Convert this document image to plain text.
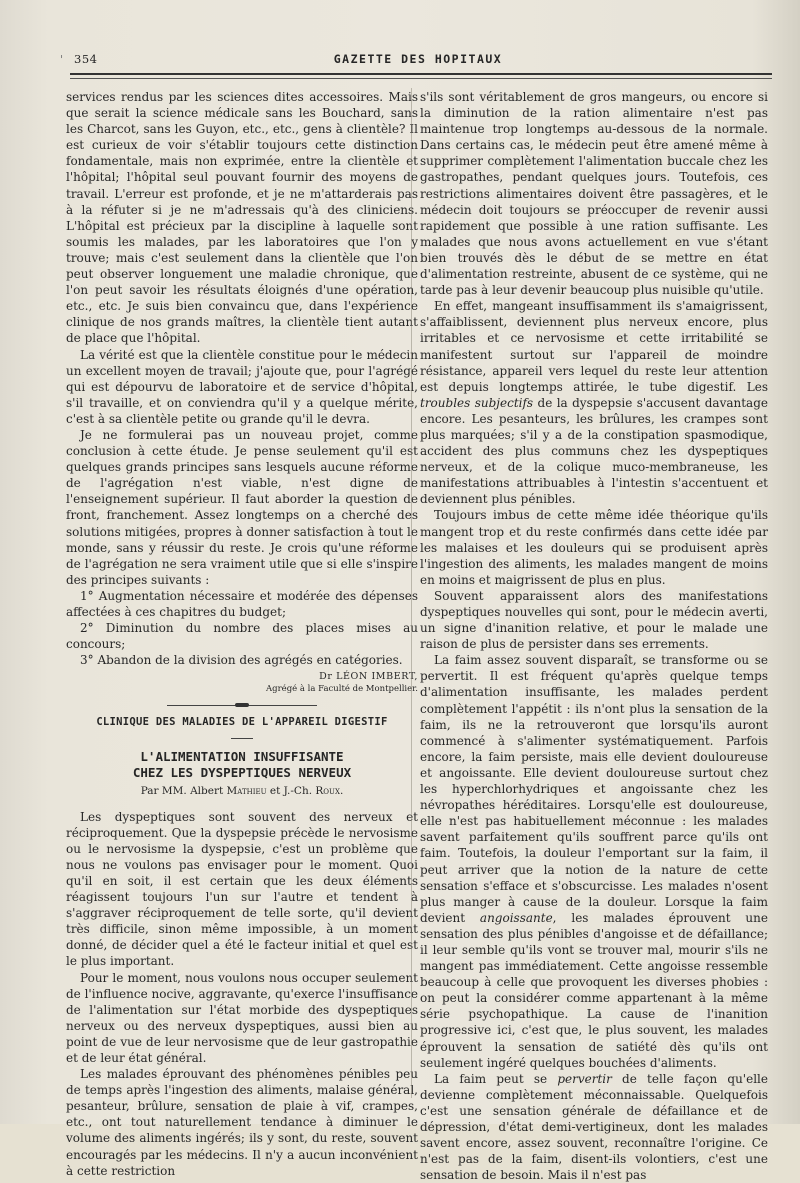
' 354	GAZETTE DES HOPITAUX

services rendus par les sciences dites accessoires. Mais que serait la science médicale sans les Bouchard, sans les Charcot, sans les Guyon, etc., etc., gens à clientèle? Il est curieux de voir s'établir toujours cette distinction fondamentale, mais non exprimée, entre la clientèle et l'hôpital; l'hôpital seul pouvant fournir des moyens de travail. L'erreur est profonde, et je ne m'attarderais pas à la réfuter si je ne m'adressais qu'à des cliniciens. L'hôpital est précieux par la discipline à laquelle sont soumis les malades, par les laboratoires que l'on y trouve; mais c'est seulement dans la clientèle que l'on peut observer longuement une maladie chronique, que l'on peut savoir les résultats éloignés d'une opération, etc., etc. Je suis bien convaincu que, dans l'expérience clinique de nos grands maîtres, la clientèle tient autant de place que l'hôpital.

La vérité est que la clientèle constitue pour le médecin un excellent moyen de travail; j'ajoute que, pour l'agrégé qui est dépourvu de laboratoire et de service d'hôpital, s'il travaille, et on conviendra qu'il y a quelque mérite, c'est à sa clientèle petite ou grande qu'il le devra.

Je ne formulerai pas un nouveau projet, comme conclusion à cette étude. Je pense seulement qu'il est quelques grands principes sans lesquels aucune réforme de l'agrégation n'est viable, n'est digne de l'enseignement supérieur. Il faut aborder la question de front, franchement. Assez longtemps on a cherché des solutions mitigées, propres à donner satisfaction à tout le monde, sans y réussir du reste. Je crois qu'une réforme de l'agrégation ne sera vraiment utile que si elle s'inspire des principes suivants :

1° Augmentation nécessaire et modérée des dépenses affectées à ces chapitres du budget;

2° Diminution du nombre des places mises au concours;

3° Abandon de la division des agrégés en catégories.

Dr LÉON IMBERT,
Agrégé à la Faculté de Montpellier.
CLINIQUE DES MALADIES DE L'APPAREIL DIGESTIF
L'ALIMENTATION INSUFFISANTE
CHEZ LES DYSPEPTIQUES NERVEUX
Par MM. Albert Mathieu et J.-Ch. Roux.

Les dyspeptiques sont souvent des nerveux et réciproquement. Que la dyspepsie précède le nervosisme ou le nervosisme la dyspepsie, c'est un problème que nous ne voulons pas envisager pour le moment. Quoi qu'il en soit, il est certain que les deux éléments réagissent toujours l'un sur l'autre et tendent à s'aggraver réciproquement de telle sorte, qu'il devient très difficile, sinon même impossible, à un moment donné, de décider quel a été le facteur initial et quel est le plus important.

Pour le moment, nous voulons nous occuper seulement de l'influence nocive, aggravante, qu'exerce l'insuffisance de l'alimentation sur l'état morbide des dyspeptiques nerveux ou des nerveux dyspeptiques, aussi bien au point de vue de leur nervosisme que de leur gastropathie et de leur état général.

Les malades éprouvant des phénomènes pénibles peu de temps après l'ingestion des aliments, malaise général, pesanteur, brûlure, sensation de plaie à vif, crampes, etc., ont tout naturellement tendance à diminuer le volume des aliments ingérés; ils y sont, du reste, souvent encouragés par les médecins. Il n'y a aucun inconvénient à cette restriction

s'ils sont véritablement de gros mangeurs, ou encore si la diminution de la ration alimentaire n'est pas maintenue trop longtemps au-dessous de la normale. Dans certains cas, le médecin peut être amené même à supprimer complètement l'alimentation buccale chez les gastropathes, pendant quelques jours. Toutefois, ces restrictions alimentaires doivent être passagères, et le médecin doit toujours se préoccuper de revenir aussi rapidement que possible à une ration suffisante. Les malades que nous avons actuellement en vue s'étant bien trouvés dès le début de se mettre en état d'alimentation restreinte, abusent de ce système, qui ne tarde pas à leur devenir beaucoup plus nuisible qu'utile.

En effet, mangeant insuffisamment ils s'amaigrissent, s'affaiblissent, deviennent plus nerveux encore, plus irritables et ce nervosisme et cette irritabilité se manifestent surtout sur l'appareil de moindre résistance, appareil vers lequel du reste leur attention est depuis longtemps attirée, le tube digestif. Les troubles subjectifs de la dyspepsie s'accusent davantage encore. Les pesanteurs, les brûlures, les crampes sont plus marquées; s'il y a de la constipation spasmodique, accident des plus communs chez les dyspeptiques nerveux, et de la colique muco-membraneuse, les manifestations attribuables à l'intestin s'accentuent et deviennent plus pénibles.

Toujours imbus de cette même idée théorique qu'ils mangent trop et du reste confirmés dans cette idée par les malaises et les douleurs qui se produisent après l'ingestion des aliments, les malades mangent de moins en moins et maigrissent de plus en plus.

Souvent apparaissent alors des manifestations dyspeptiques nouvelles qui sont, pour le médecin averti, un signe d'inanition relative, et pour le malade une raison de plus de persister dans ses errements.

La faim assez souvent disparaît, se transforme ou se pervertit. Il est fréquent qu'après quelque temps d'alimentation insuffisante, les malades perdent complètement l'appétit : ils n'ont plus la sensation de la faim, ils ne la retrouveront que lorsqu'ils auront commencé à s'alimenter systématiquement. Parfois encore, la faim persiste, mais elle devient douloureuse et angoissante. Elle devient douloureuse surtout chez les hyperchlorhydriques et angoissante chez les névropathes héréditaires. Lorsqu'elle est douloureuse, elle n'est pas habituellement méconnue : les malades savent parfaitement qu'ils souffrent parce qu'ils ont faim. Toutefois, la douleur l'emportant sur la faim, il peut arriver que la notion de la nature de cette sensation s'efface et s'obscurcisse. Les malades n'osent plus manger à cause de la douleur. Lorsque la faim devient angoissante, les malades éprouvent une sensation des plus pénibles d'angoisse et de défaillance; il leur semble qu'ils vont se trouver mal, mourir s'ils ne mangent pas immédiatement. Cette angoisse ressemble beaucoup à celle que provoquent les diverses phobies : on peut la considérer comme appartenant à la même série psychopathique. La cause de l'inanition progressive ici, c'est que, le plus souvent, les malades éprouvent la sensation de satiété dès qu'ils ont seulement ingéré quelques bouchées d'aliments.

La faim peut se pervertir de telle façon qu'elle devienne complètement méconnaissable. Quelquefois c'est une sensation générale de défaillance et de dépression, d'état demi-vertigineux, dont les malades savent encore, assez souvent, reconnaître l'origine. Ce n'est pas de la faim, disent-ils volontiers, c'est une sensation de besoin. Mais il n'est pas
